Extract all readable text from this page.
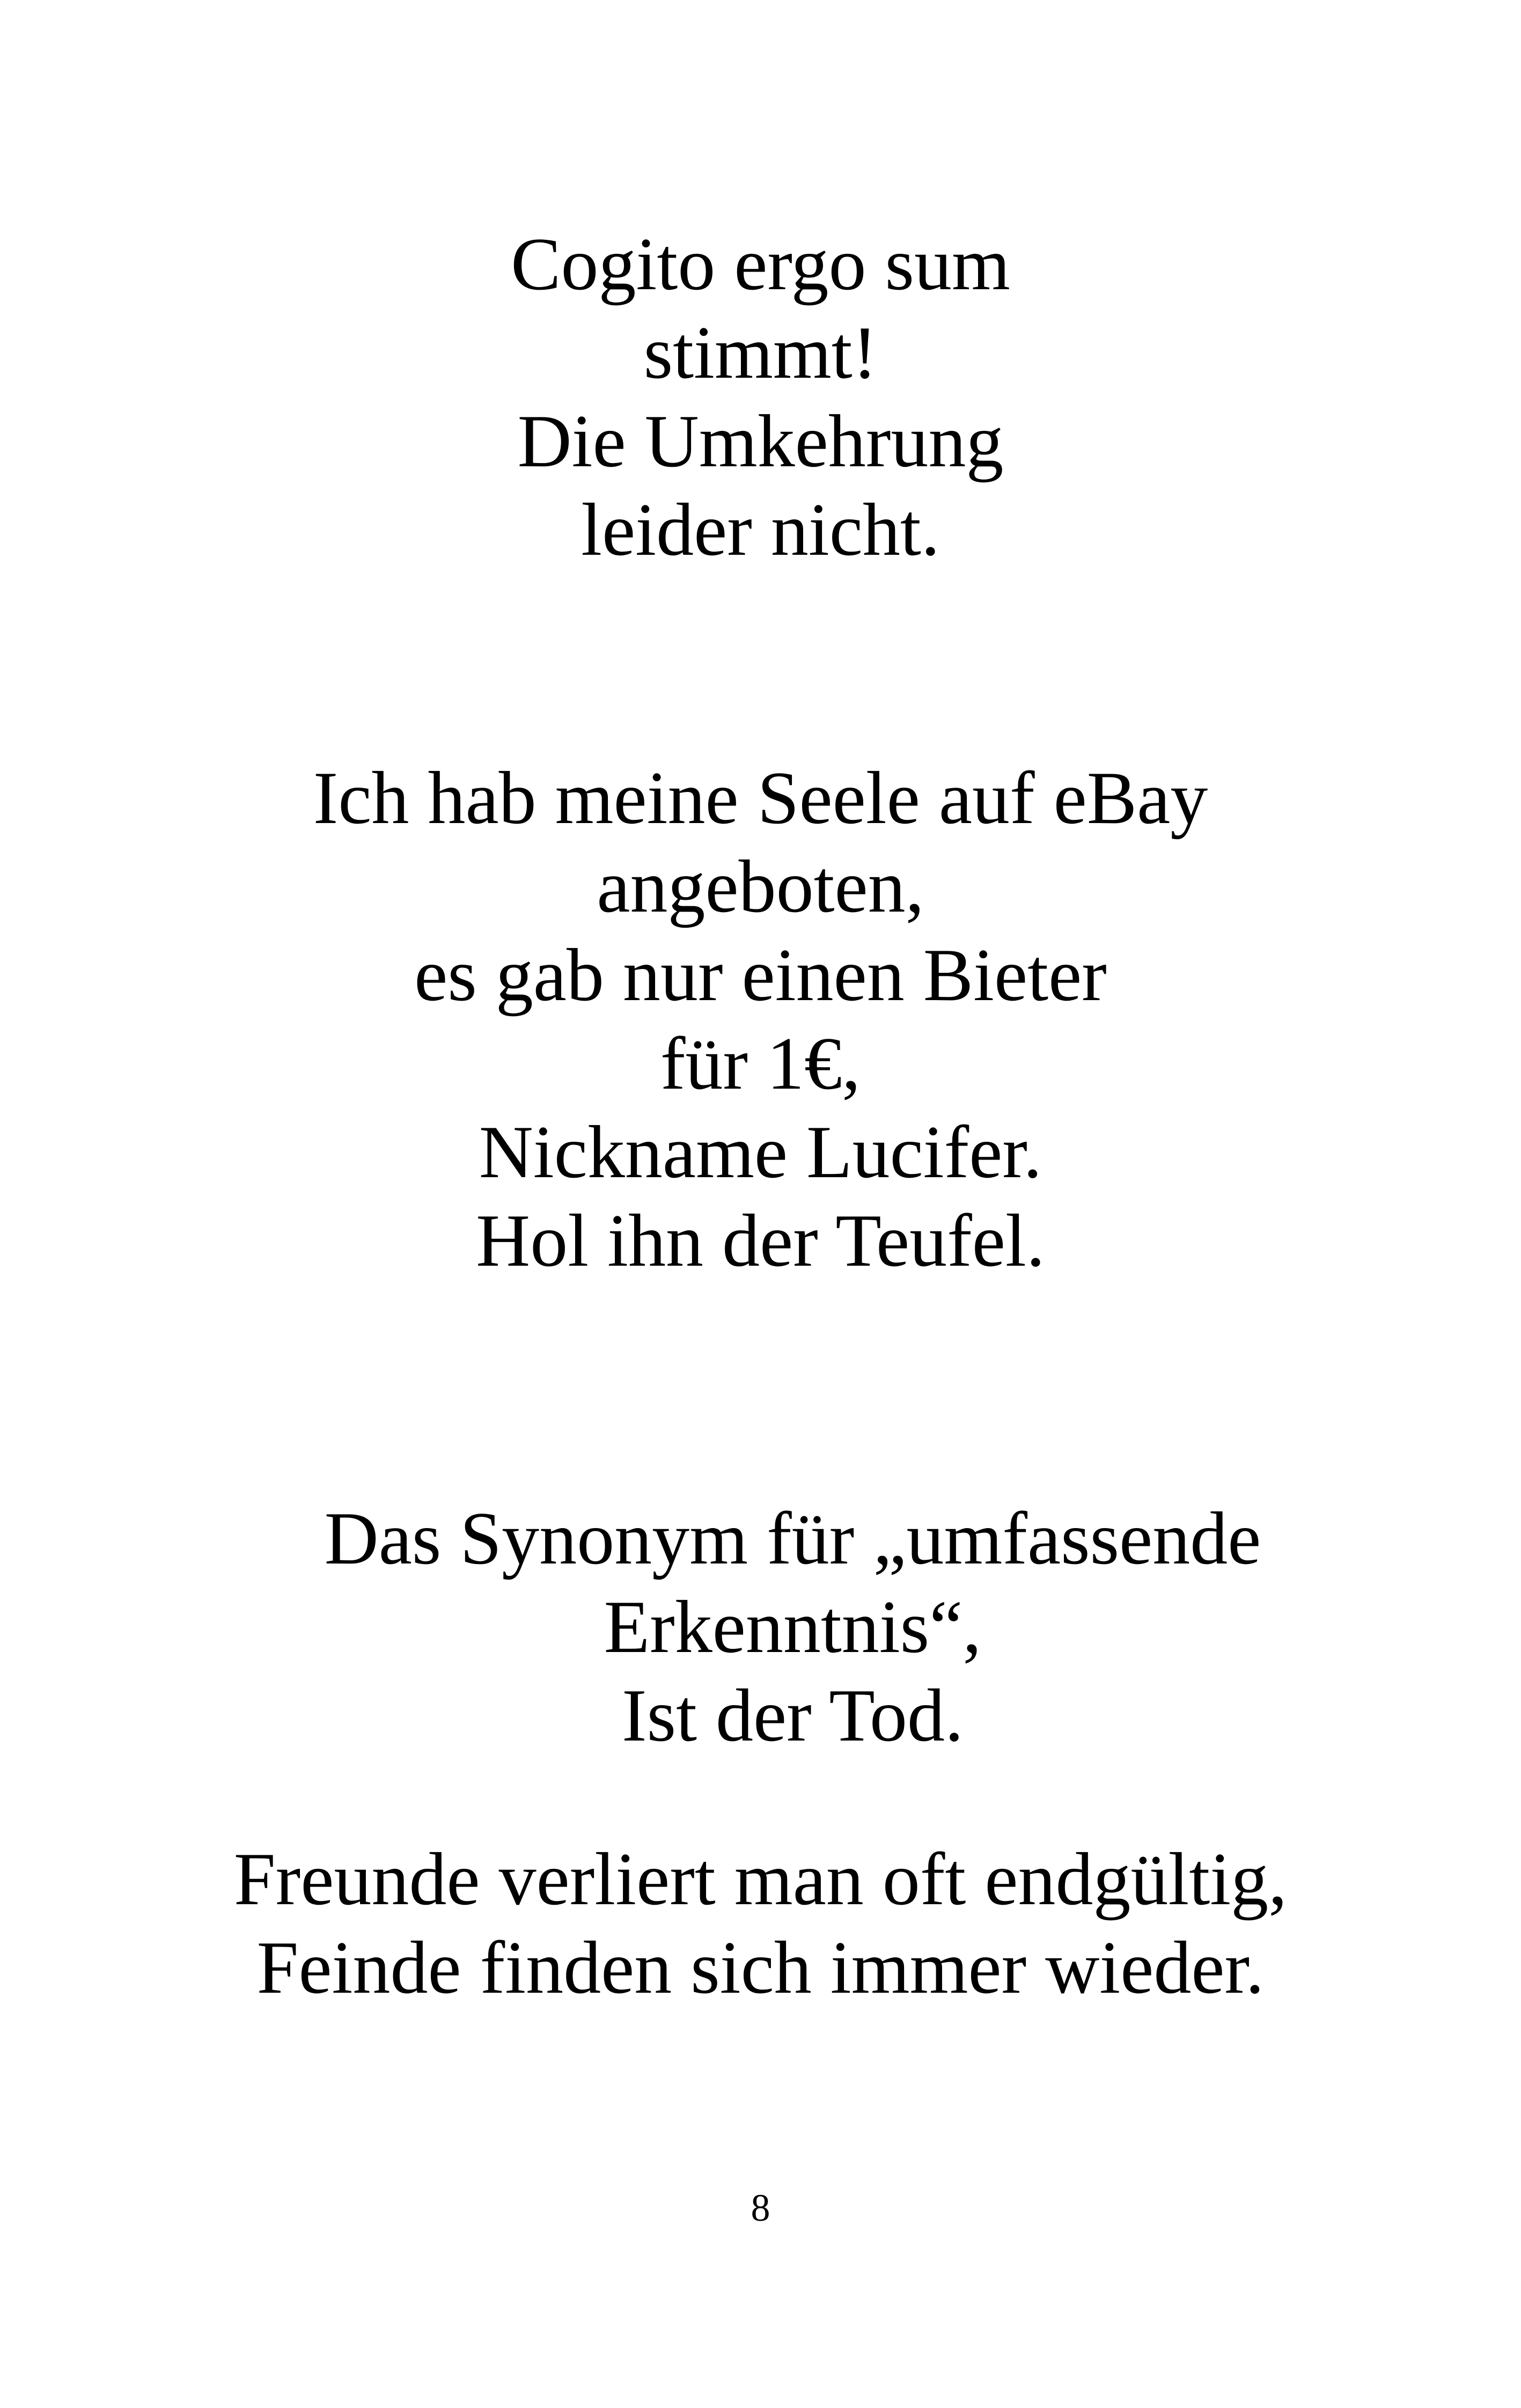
Cogito ergo sum
stimmt!
Die Umkehrung
leider nicht.
Ich hab meine Seele auf eBay
angeboten,
es gab nur einen Bieter
für 1€,
Nickname Lucifer.
Hol ihn der Teufel.
Das Synonym für „umfassende
Erkenntnis“,
Ist der Tod.
Freunde verliert man oft endgültig,
Feinde finden sich immer wieder.
8
